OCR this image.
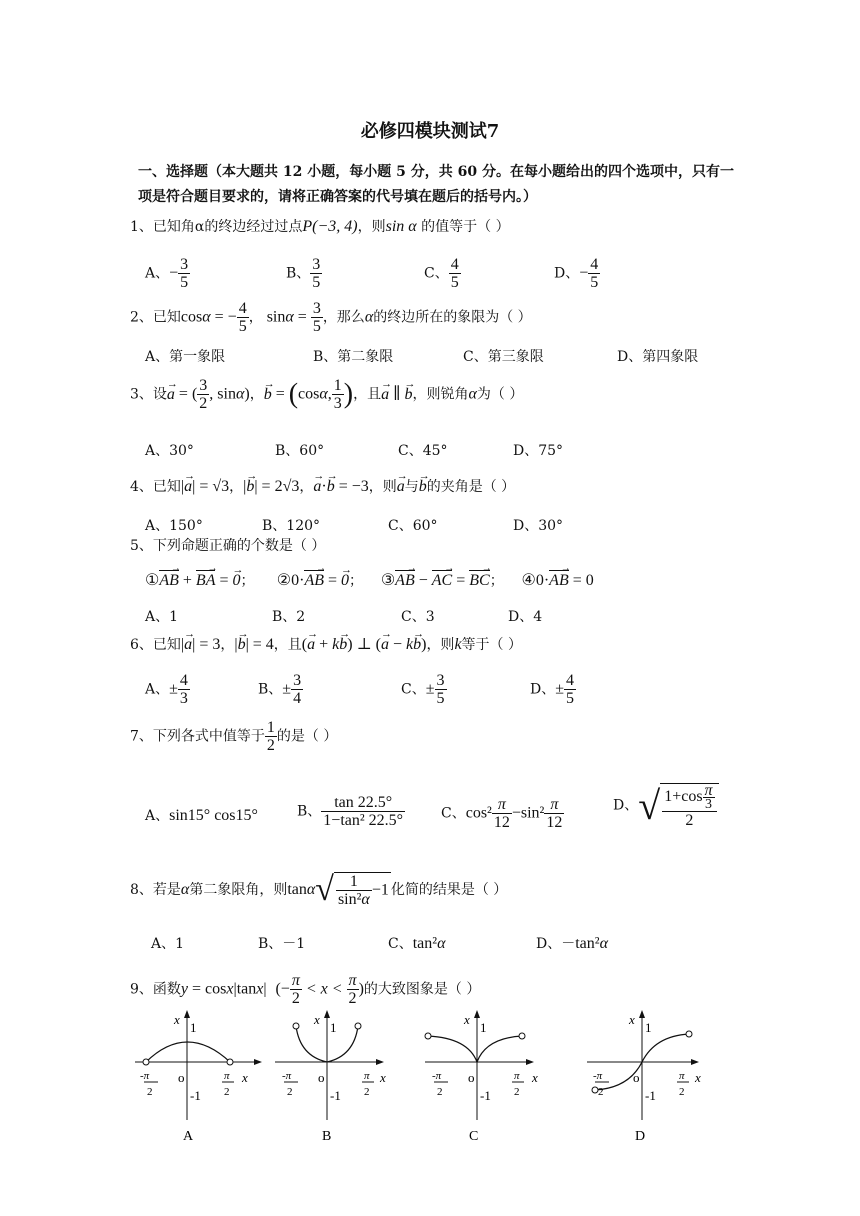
必修四模块测试7
一、选择题（本大题共 12 小题，每小题 5 分，共 60 分。在每小题给出的四个选项中，只有一项是符合题目要求的，请将正确答案的代号填在题后的括号内。）
1、已知角α的终边经过过点P(−3, 4)，则sin α 的值等于（ ）
A、− $\frac{3}{5}$	B、 $\frac{3}{5}$	C、 $\frac{4}{5}$	D、− $\frac{4}{5}$
2、已知cosα = − $\frac{4}{5}$ ， $\sin\alpha = \frac{3}{5}$ ，那么α的终边所在的象限为（ ）
A、第一象限	B、第二象限	C、第三象限	D、第四象限
3、设→ a = ( $\frac{3}{2}$ , sinα)，→ b = (cosα, $\frac{1}{3}$ )，且→ a ∥ → b，则锐角α为（ ）
A、30°	B、60°	C、45°	D、75°
4、已知|→ a| = √3，|→ b| = 2√3，→ a·→ b = −3，则→ a与→ b的夹角是（ ）
A、150°	B、120°	C、60°	D、30°
5、下列命题正确的个数是（ ）
①AB → + BA → = → 0；     ②0·AB → = → 0；    ③AB → − AC → = BC →；    ④0·AB → = 0
A、1	B、2	C、3	D、4
6、已知|→ a| = 3，|→ b| = 4，且(→ a + k→ b) ⊥ (→ a − k→ b)，则k等于（ ）
A、± $\frac{4}{3}$	B、± $\frac{3}{4}$	C、± $\frac{3}{5}$	D、± $\frac{4}{5}$
7、下列各式中值等于 $\frac{1}{2}$ 的是（ ）
A、sin15° cos15°	B、 $\frac{\tan 22.5^\circ}{\text{1−tan² 22.5°}}$	C、$\cos^2 \frac{\pi}{12} -\sin^2 \frac{\pi}{12}$	D、√ $\frac{1+\cos \frac{\pi}{3}}{2}$
8、若是α第二象限角，则$\tan\alpha√ \frac{1}{\text{sin²α}} -1$ 化简的结果是（ ）
A、1	B、－1	C、tan²α	D、－tan²α
9、函数y = cosx|tanx| (− $\frac{\pi}{2} < x < \frac{\pi}{2}$ )的大致图象是（ ）
x
1
x
o
-1
-π
2
π
2
A
x
1
x
o
-1
-π
2
π
2
B
x
1
x
o
-1
-π
2
π
2
C
x
1
x
o
-1
-π
2
π
2
D
